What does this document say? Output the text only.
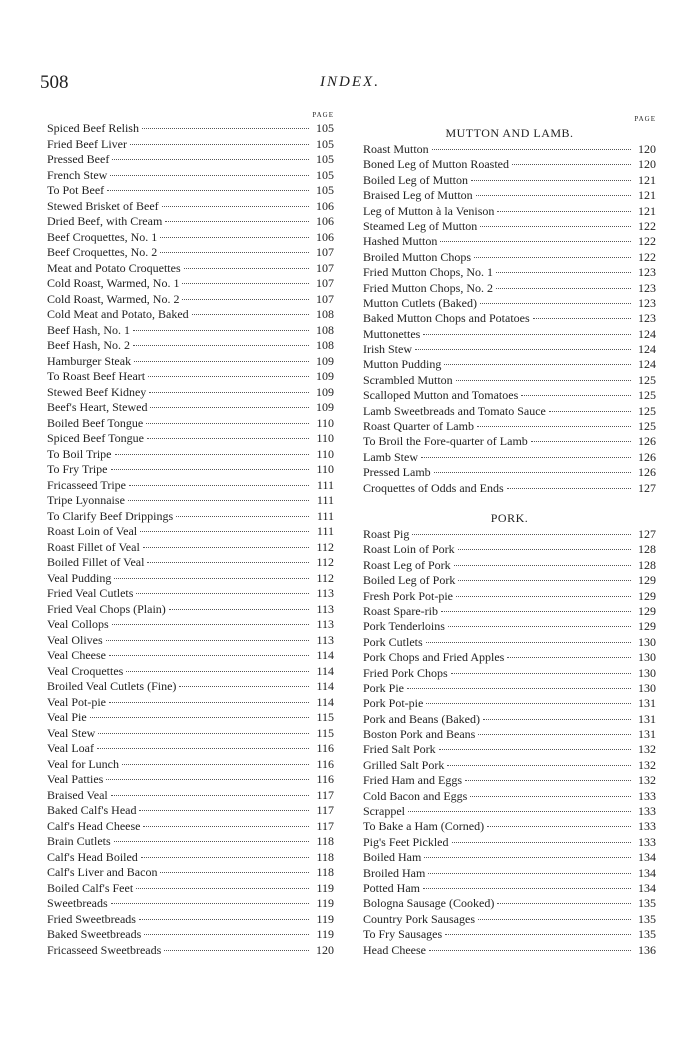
508	INDEX.
PAGE
Spiced Beef Relish	105
Fried Beef Liver	105
Pressed Beef	105
French Stew	105
To Pot Beef	105
Stewed Brisket of Beef	106
Dried Beef, with Cream	106
Beef Croquettes, No. 1	106
Beef Croquettes, No. 2	107
Meat and Potato Croquettes	107
Cold Roast, Warmed, No. 1	107
Cold Roast, Warmed, No. 2	107
Cold Meat and Potato, Baked	108
Beef Hash, No. 1	108
Beef Hash, No. 2	108
Hamburger Steak	109
To Roast Beef Heart	109
Stewed Beef Kidney	109
Beef's Heart, Stewed	109
Boiled Beef Tongue	110
Spiced Beef Tongue	110
To Boil Tripe	110
To Fry Tripe	110
Fricasseed Tripe	111
Tripe Lyonnaise	111
To Clarify Beef Drippings	111
Roast Loin of Veal	111
Roast Fillet of Veal	112
Boiled Fillet of Veal	112
Veal Pudding	112
Fried Veal Cutlets	113
Fried Veal Chops (Plain)	113
Veal Collops	113
Veal Olives	113
Veal Cheese	114
Veal Croquettes	114
Broiled Veal Cutlets (Fine)	114
Veal Pot-pie	114
Veal Pie	115
Veal Stew	115
Veal Loaf	116
Veal for Lunch	116
Veal Patties	116
Braised Veal	117
Baked Calf's Head	117
Calf's Head Cheese	117
Brain Cutlets	118
Calf's Head Boiled	118
Calf's Liver and Bacon	118
Boiled Calf's Feet	119
Sweetbreads	119
Fried Sweetbreads	119
Baked Sweetbreads	119
Fricasseed Sweetbreads	120
PAGE
MUTTON AND LAMB.
Roast Mutton	120
Boned Leg of Mutton Roasted	120
Boiled Leg of Mutton	121
Braised Leg of Mutton	121
Leg of Mutton à la Venison	121
Steamed Leg of Mutton	122
Hashed Mutton	122
Broiled Mutton Chops	122
Fried Mutton Chops, No. 1	123
Fried Mutton Chops, No. 2	123
Mutton Cutlets (Baked)	123
Baked Mutton Chops and Potatoes	123
Muttonettes	124
Irish Stew	124
Mutton Pudding	124
Scrambled Mutton	125
Scalloped Mutton and Tomatoes	125
Lamb Sweetbreads and Tomato Sauce	125
Roast Quarter of Lamb	125
To Broil the Fore-quarter of Lamb	126
Lamb Stew	126
Pressed Lamb	126
Croquettes of Odds and Ends	127
PORK.
Roast Pig	127
Roast Loin of Pork	128
Roast Leg of Pork	128
Boiled Leg of Pork	129
Fresh Pork Pot-pie	129
Roast Spare-rib	129
Pork Tenderloins	129
Pork Cutlets	130
Pork Chops and Fried Apples	130
Fried Pork Chops	130
Pork Pie	130
Pork Pot-pie	131
Pork and Beans (Baked)	131
Boston Pork and Beans	131
Fried Salt Pork	132
Grilled Salt Pork	132
Fried Ham and Eggs	132
Cold Bacon and Eggs	133
Scrappel	133
To Bake a Ham (Corned)	133
Pig's Feet Pickled	133
Boiled Ham	134
Broiled Ham	134
Potted Ham	134
Bologna Sausage (Cooked)	135
Country Pork Sausages	135
To Fry Sausages	135
Head Cheese	136
